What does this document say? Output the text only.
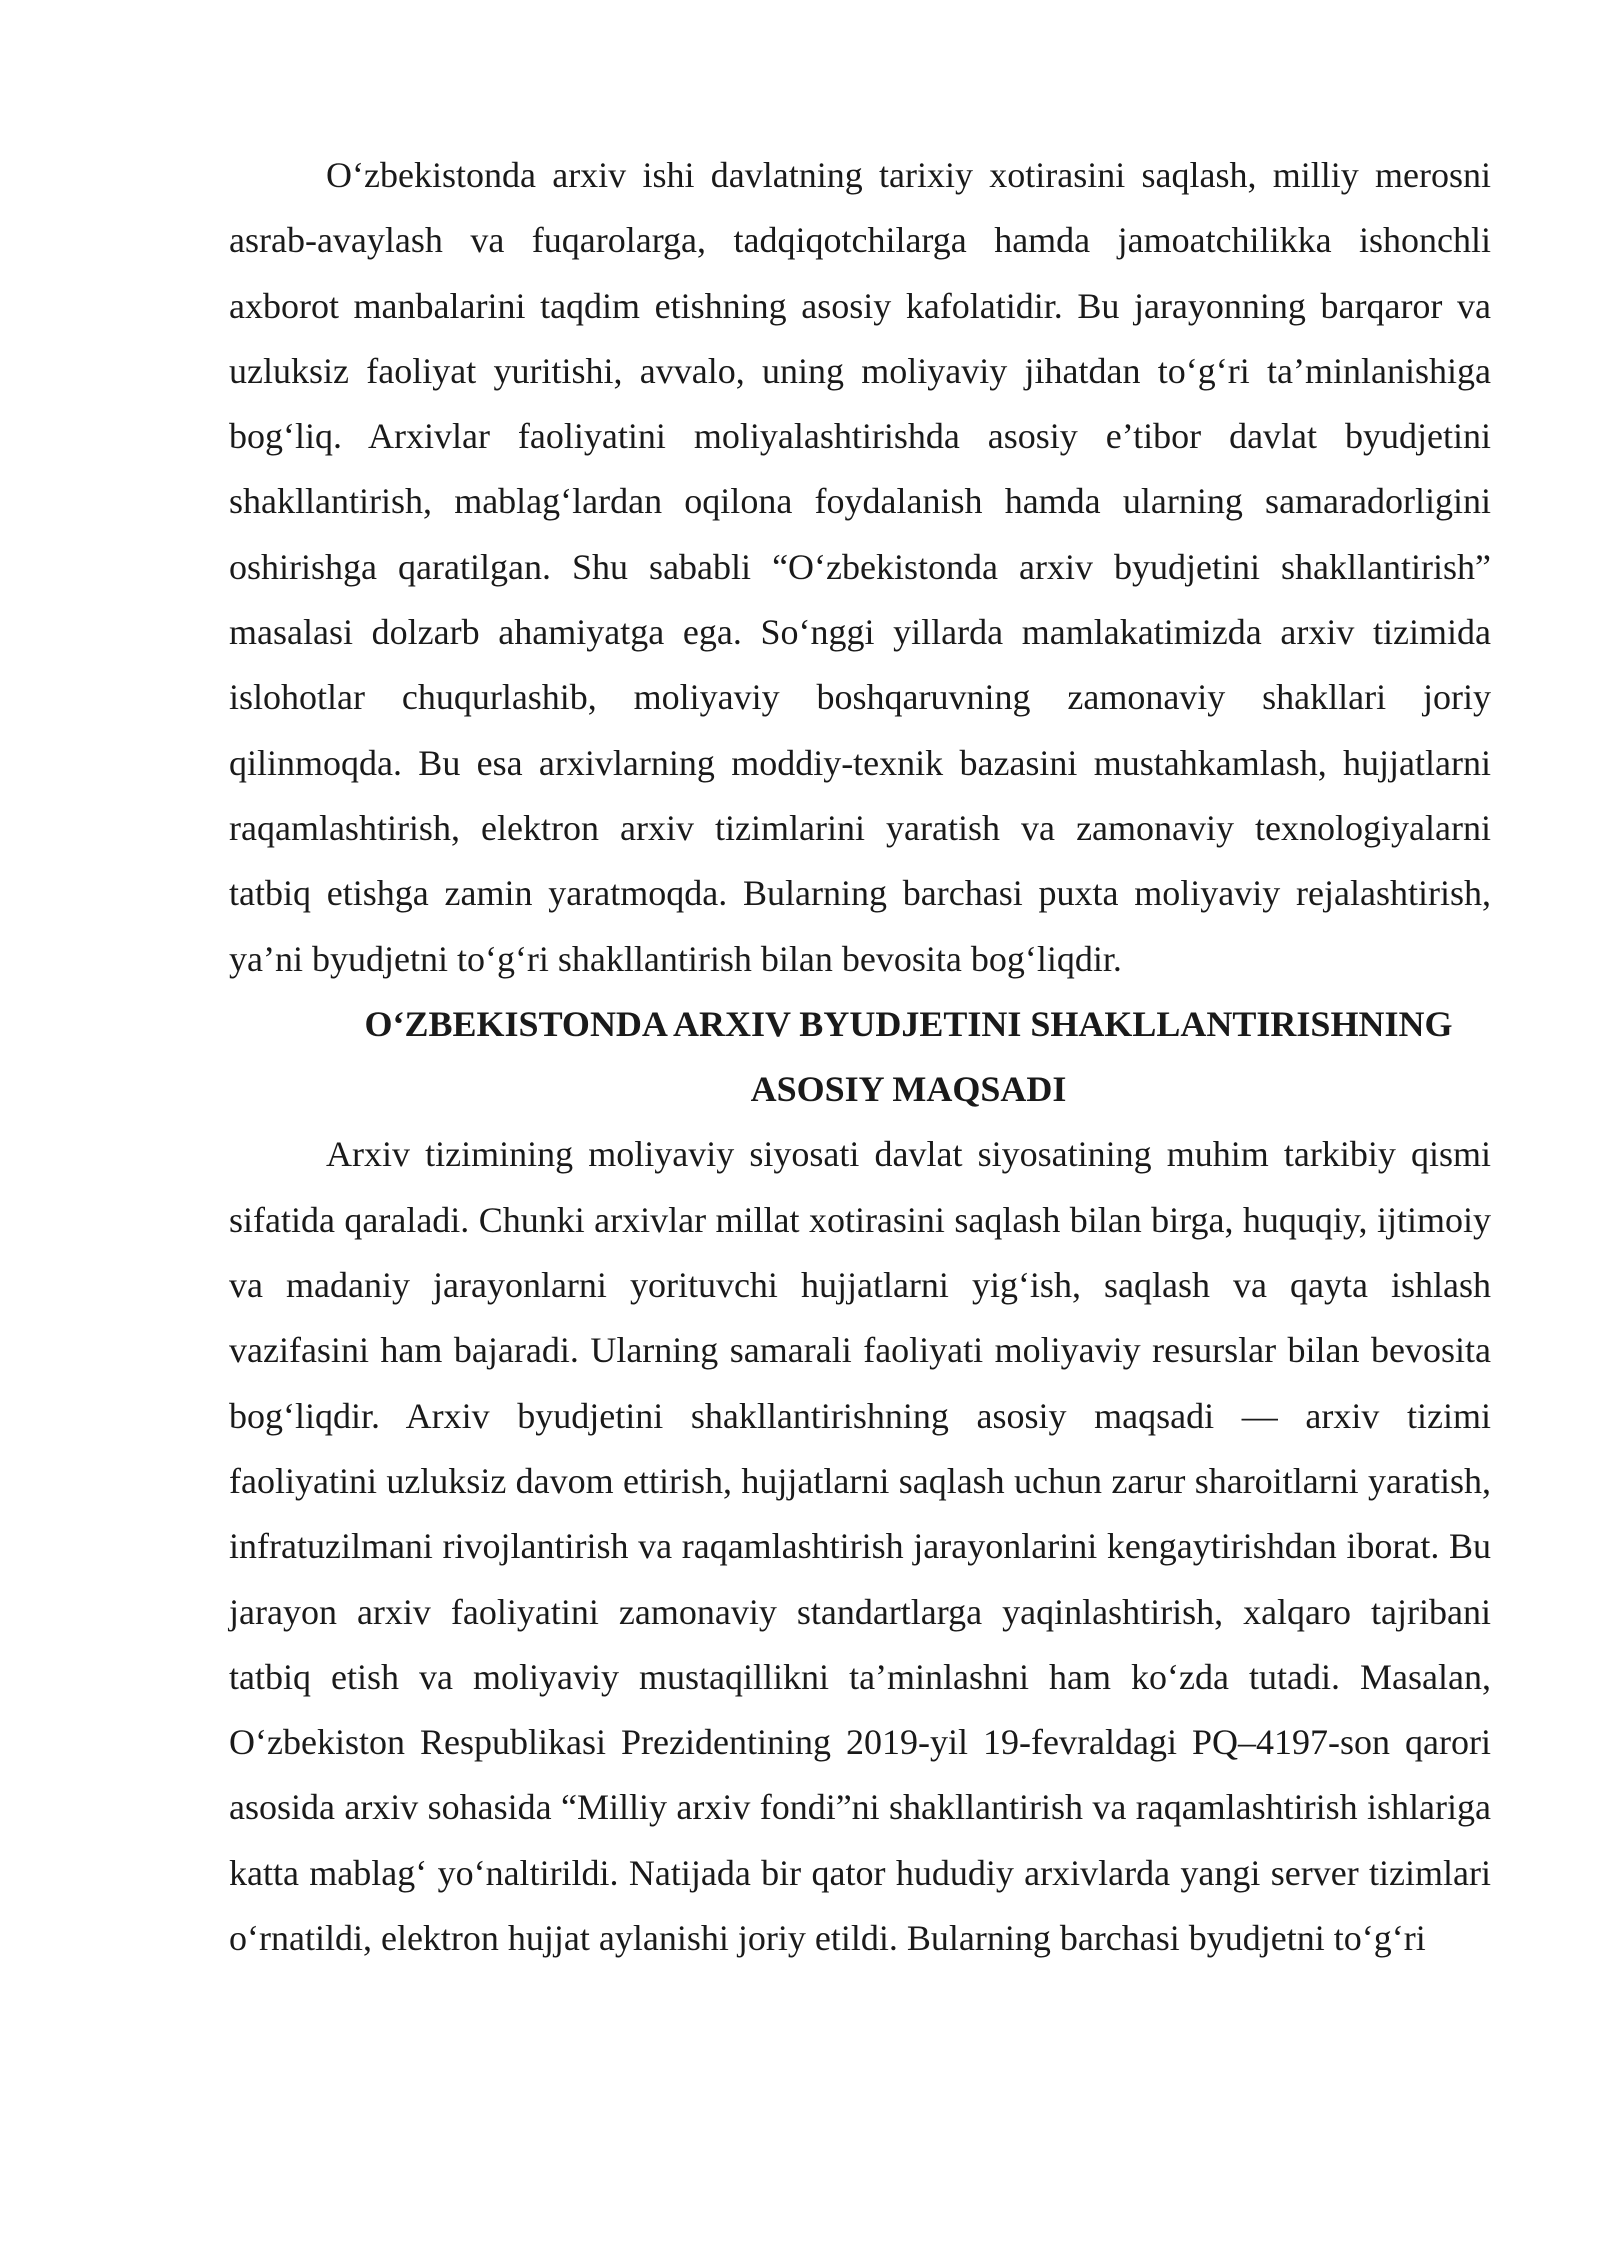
O‘zbekistonda arxiv ishi davlatning tarixiy xotirasini saqlash, milliy merosni asrab-avaylash va fuqarolarga, tadqiqotchilarga hamda jamoatchilikka ishonchli axborot manbalarini taqdim etishning asosiy kafolatidir. Bu jarayonning barqaror va uzluksiz faoliyat yuritishi, avvalo, uning moliyaviy jihatdan to‘g‘ri ta’minlanishiga bog‘liq. Arxivlar faoliyatini moliyalashtirishda asosiy e’tibor davlat byudjetini shakllantirish, mablag‘lardan oqilona foydalanish hamda ularning samaradorligini oshirishga qaratilgan. Shu sababli “O‘zbekistonda arxiv byudjetini shakllantirish” masalasi dolzarb ahamiyatga ega. So‘nggi yillarda mamlakatimizda arxiv tizimida islohotlar chuqurlashib, moliyaviy boshqaruvning zamonaviy shakllari joriy qilinmoqda. Bu esa arxivlarning moddiy-texnik bazasini mustahkamlash, hujjatlarni raqamlashtirish, elektron arxiv tizimlarini yaratish va zamonaviy texnologiyalarni tatbiq etishga zamin yaratmoqda. Bularning barchasi puxta moliyaviy rejalashtirish, ya’ni byudjetni to‘g‘ri shakllantirish bilan bevosita bog‘liqdir.

O‘ZBEKISTONDA ARXIV BYUDJETINI SHAKLLANTIRISHNING ASOSIY MAQSADI

Arxiv tizimining moliyaviy siyosati davlat siyosatining muhim tarkibiy qismi sifatida qaraladi. Chunki arxivlar millat xotirasini saqlash bilan birga, huquqiy, ijtimoiy va madaniy jarayonlarni yorituvchi hujjatlarni yig‘ish, saqlash va qayta ishlash vazifasini ham bajaradi. Ularning samarali faoliyati moliyaviy resurslar bilan bevosita bog‘liqdir. Arxiv byudjetini shakllantirishning asosiy maqsadi — arxiv tizimi faoliyatini uzluksiz davom ettirish, hujjatlarni saqlash uchun zarur sharoitlarni yaratish, infratuzilmani rivojlantirish va raqamlashtirish jarayonlarini kengaytirishdan iborat. Bu jarayon arxiv faoliyatini zamonaviy standartlarga yaqinlashtirish, xalqaro tajribani tatbiq etish va moliyaviy mustaqillikni ta’minlashni ham ko‘zda tutadi. Masalan, O‘zbekiston Respublikasi Prezidentining 2019-yil 19-fevraldagi PQ–4197-son qarori asosida arxiv sohasida “Milliy arxiv fondi”ni shakllantirish va raqamlashtirish ishlariga katta mablag‘ yo‘naltirildi. Natijada bir qator hududiy arxivlarda yangi server tizimlari o‘rnatildi, elektron hujjat aylanishi joriy etildi. Bularning barchasi byudjetni to‘g‘ri
